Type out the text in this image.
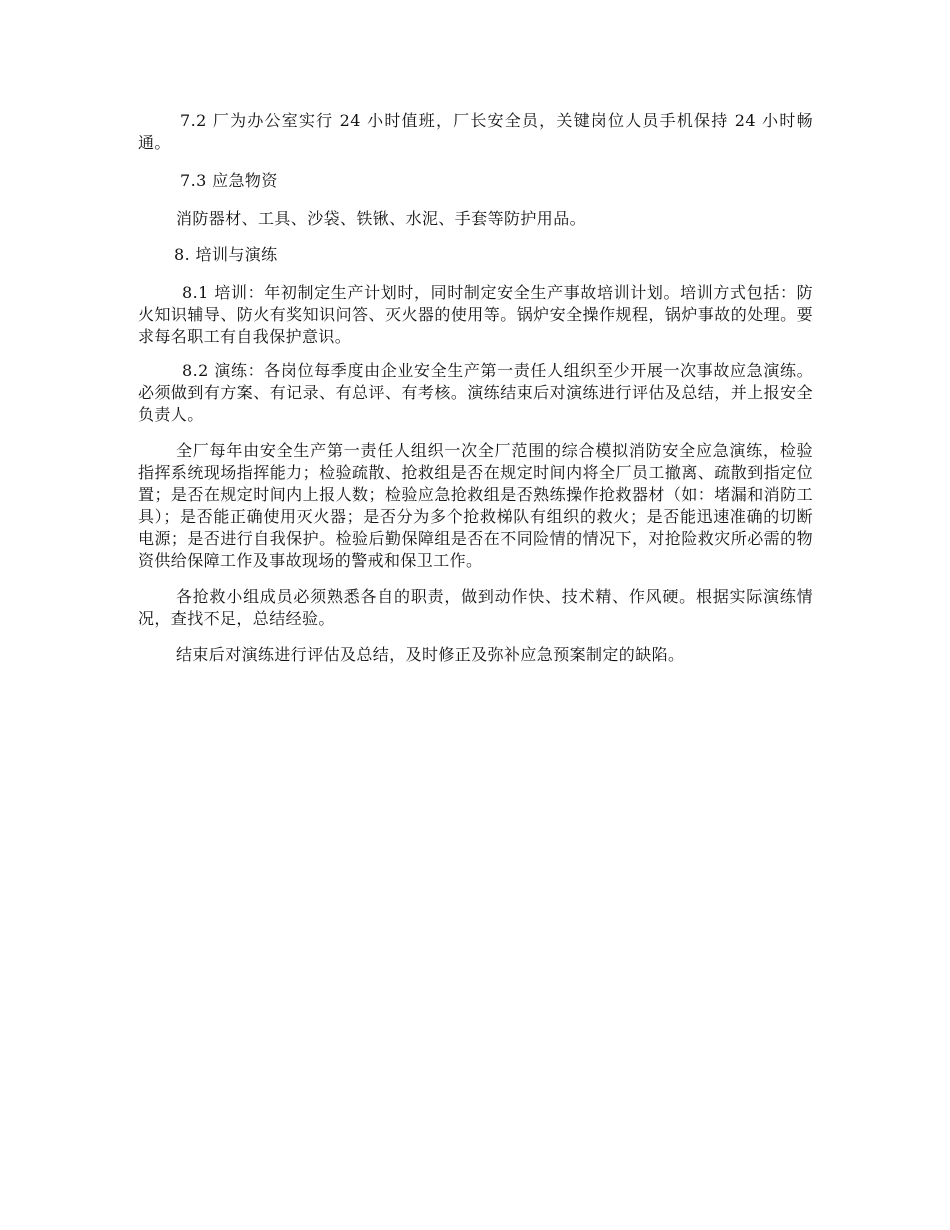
7.2 厂为办公室实行 24 小时值班，厂长安全员，关键岗位人员手机保持 24 小时畅通。

7.3 应急物资

消防器材、工具、沙袋、铁锹、水泥、手套等防护用品。

8. 培训与演练

8.1 培训：年初制定生产计划时，同时制定安全生产事故培训计划。培训方式包括：防火知识辅导、防火有奖知识问答、灭火器的使用等。锅炉安全操作规程，锅炉事故的处理。要求每名职工有自我保护意识。

8.2 演练：各岗位每季度由企业安全生产第一责任人组织至少开展一次事故应急演练。必须做到有方案、有记录、有总评、有考核。演练结束后对演练进行评估及总结，并上报安全负责人。

全厂每年由安全生产第一责任人组织一次全厂范围的综合模拟消防安全应急演练，检验指挥系统现场指挥能力；检验疏散、抢救组是否在规定时间内将全厂员工撤离、疏散到指定位置；是否在规定时间内上报人数；检验应急抢救组是否熟练操作抢救器材（如：堵漏和消防工具）；是否能正确使用灭火器；是否分为多个抢救梯队有组织的救火；是否能迅速准确的切断电源；是否进行自我保护。检验后勤保障组是否在不同险情的情况下，对抢险救灾所必需的物资供给保障工作及事故现场的警戒和保卫工作。

各抢救小组成员必须熟悉各自的职责，做到动作快、技术精、作风硬。根据实际演练情况，查找不足，总结经验。

结束后对演练进行评估及总结，及时修正及弥补应急预案制定的缺陷。
